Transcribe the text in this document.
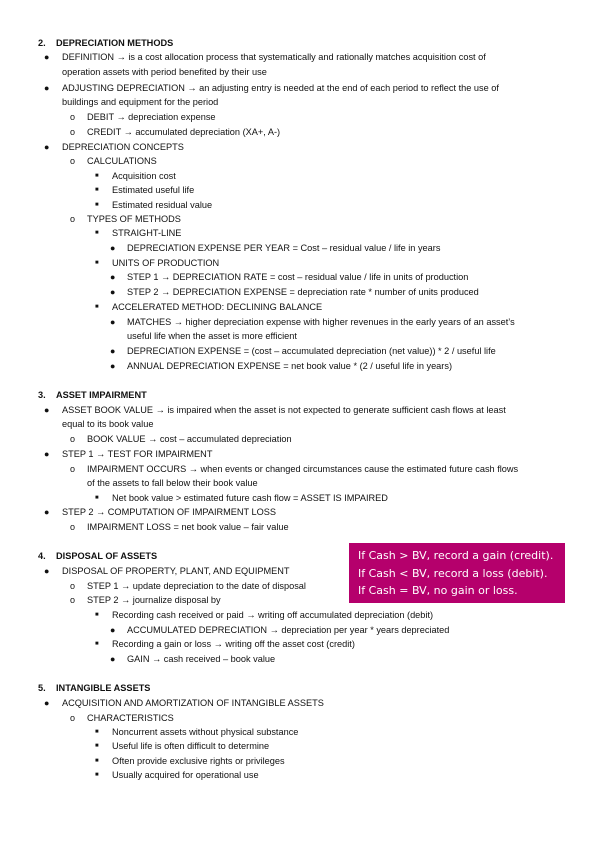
2. DEPRECIATION METHODS
● DEFINITION → is a cost allocation process that systematically and rationally matches acquisition cost of
operation assets with period benefited by their use
● ADJUSTING DEPRECIATION → an adjusting entry is needed at the end of each period to reflect the use of
buildings and equipment for the period
o DEBIT → depreciation expense
o CREDIT → accumulated depreciation (XA+, A-)
● DEPRECIATION CONCEPTS
o CALCULATIONS
■ Acquisition cost
■ Estimated useful life
■ Estimated residual value
o TYPES OF METHODS
■ STRAIGHT-LINE
● DEPRECIATION EXPENSE PER YEAR = Cost – residual value / life in years
■ UNITS OF PRODUCTION
● STEP 1 → DEPRECIATION RATE = cost – residual value / life in units of production
● STEP 2 → DEPRECIATION EXPENSE = depreciation rate * number of units produced
■ ACCELERATED METHOD: DECLINING BALANCE
● MATCHES → higher depreciation expense with higher revenues in the early years of an asset’s
useful life when the asset is more efficient
● DEPRECIATION EXPENSE = (cost – accumulated depreciation (net value)) * 2 / useful life
● ANNUAL DEPRECIATION EXPENSE = net book value * (2 / useful life in years)
3. ASSET IMPAIRMENT
● ASSET BOOK VALUE → is impaired when the asset is not expected to generate sufficient cash flows at least
equal to its book value
o BOOK VALUE → cost – accumulated depreciation
● STEP 1 → TEST FOR IMPAIRMENT
o IMPAIRMENT OCCURS → when events or changed circumstances cause the estimated future cash flows
of the assets to fall below their book value
■ Net book value > estimated future cash flow = ASSET IS IMPAIRED
● STEP 2 → COMPUTATION OF IMPAIRMENT LOSS
o IMPAIRMENT LOSS = net book value – fair value
4. DISPOSAL OF ASSETS
● DISPOSAL OF PROPERTY, PLANT, AND EQUIPMENT
o STEP 1 → update depreciation to the date of disposal
o STEP 2 → journalize disposal by
■ Recording cash received or paid → writing off accumulated depreciation (debit)
● ACCUMULATED DEPRECIATION → depreciation per year * years depreciated
■ Recording a gain or loss → writing off the asset cost (credit)
● GAIN → cash received – book value
5. INTANGIBLE ASSETS
● ACQUISITION AND AMORTIZATION OF INTANGIBLE ASSETS
o CHARACTERISTICS
■ Noncurrent assets without physical substance
■ Useful life is often difficult to determine
■ Often provide exclusive rights or privileges
■ Usually acquired for operational use
If Cash > BV, record a gain (credit).
If Cash < BV, record a loss (debit).
If Cash = BV, no gain or loss.
